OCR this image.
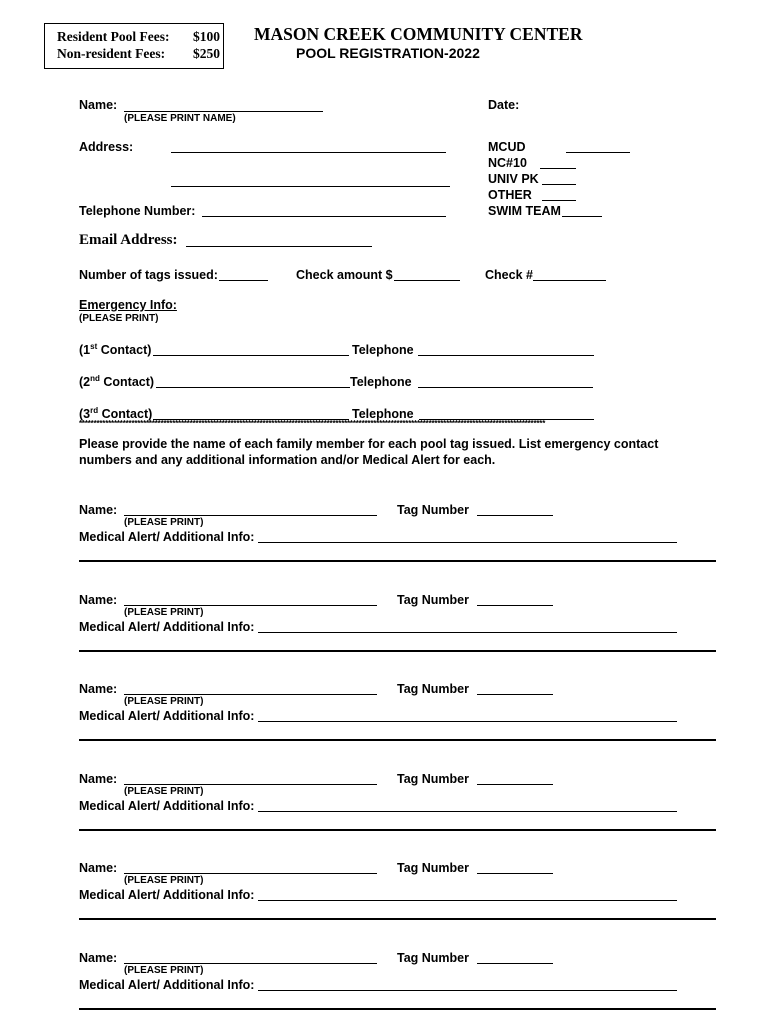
Resident Pool Fees: $100
Non-resident Fees: $250
MASON CREEK COMMUNITY CENTER
POOL REGISTRATION-2022
Name:
(PLEASE PRINT NAME)
Date:
Address:
Telephone Number:
MCUD
NC#10
UNIV PK
OTHER
SWIM TEAM
Email Address:
Number of tags issued:	Check amount $	Check #
Emergency Info:
(PLEASE PRINT)
(1st Contact)	Telephone
(2nd Contact)	Telephone
(3rd Contact)	Telephone
****************************************************************************************************************************************************************
Please provide the name of each family member for each pool tag issued. List emergency contact
numbers and any additional information and/or Medical Alert for each.
Name:
(PLEASE PRINT)
Tag Number
Medical Alert/ Additional Info:
Name:
(PLEASE PRINT)
Tag Number
Medical Alert/ Additional Info:
Name:
(PLEASE PRINT)
Tag Number
Medical Alert/ Additional Info:
Name:
(PLEASE PRINT)
Tag Number
Medical Alert/ Additional Info:
Name:
(PLEASE PRINT)
Tag Number
Medical Alert/ Additional Info:
Name:
(PLEASE PRINT)
Tag Number
Medical Alert/ Additional Info:
